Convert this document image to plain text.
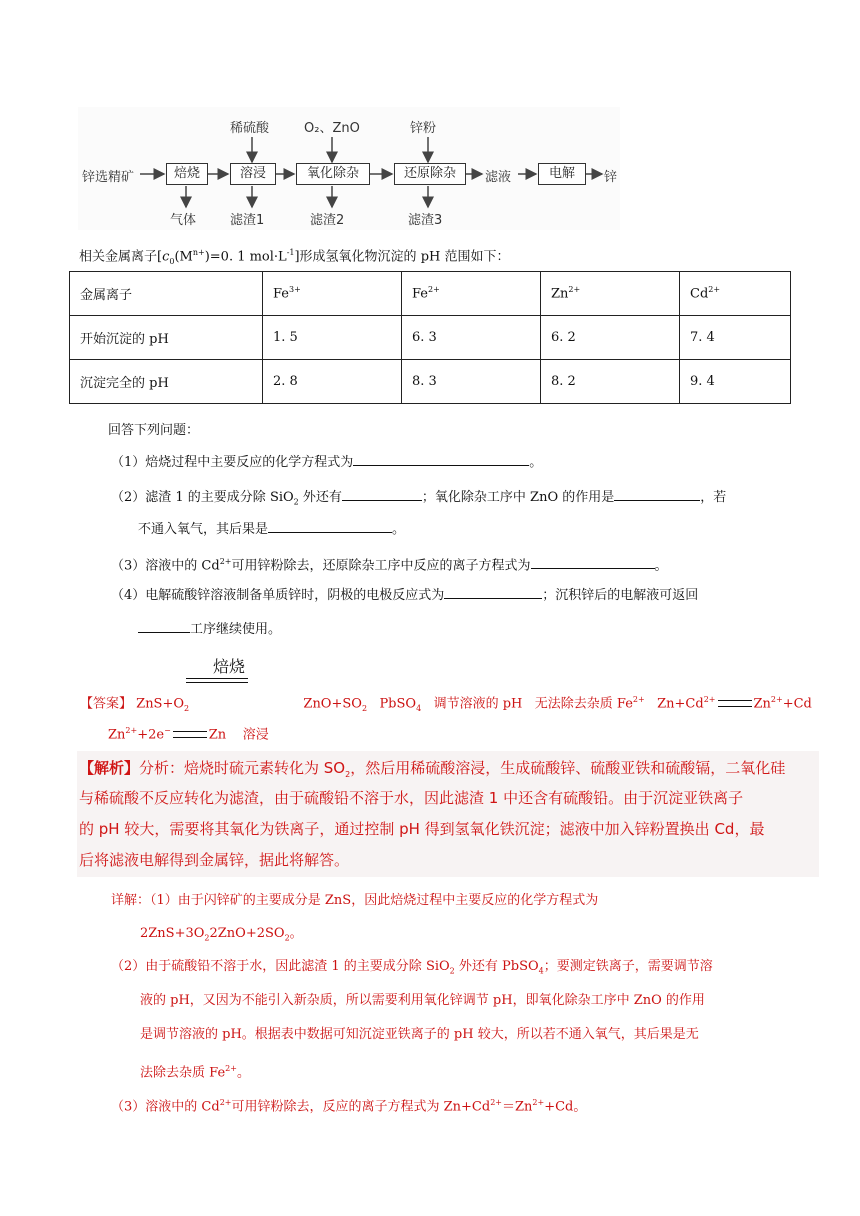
锌选精矿	焙烧	溶浸	氧化除杂	还原除杂	滤液	电解	锌
稀硫酸	O₂、ZnO	锌粉
气体	滤渣1	滤渣2	滤渣3
相关金属离子[$c_0(M^{n+})=0$. 1 $mol\cdot L^{-1}$]形成氢氧化物沉淀的 pH 范围如下：
金属离子	$Fe^{3+}$	$Fe^{2+}$	$Zn^{2+}$	$Cd^{2+}$
开始沉淀的 pH	1. 5	6. 3	6. 2	7. 4
沉淀完全的 pH	2. 8	8. 3	8. 2	9. 4
回答下列问题：
（1）焙烧过程中主要反应的化学方程式为	。
（2）滤渣 1 的主要成分除 SiO$_2$ 外还有	；氧化除杂工序中 ZnO 的作用是	，若
不通入氧气，其后果是	。
（3）溶液中的 $Cd^{2+}$可用锌粉除去，还原除杂工序中反应的离子方程式为	。
（4）电解硫酸锌溶液制备单质锌时，阴极的电极反应式为	；沉积锌后的电解液可返回
工序继续使用。
焙烧
【答案】 $ZnS+O_2$	$ZnO+SO_2$ PbSO$_4$ 调节溶液的 pH 无法除去杂质 $Fe^{2+}$ $Zn+Cd^{2+}$	$Zn^{2+}+Cd$
$Zn^{2+}+2e^-$	Zn 溶浸
【解析】分析：焙烧时硫元素转化为 $SO_2$，然后用稀硫酸溶浸，生成硫酸锌、硫酸亚铁和硫酸镉，二氧化硅
与稀硫酸不反应转化为滤渣，由于硫酸铅不溶于水，因此滤渣 1 中还含有硫酸铅。由于沉淀亚铁离子
的 pH 较大，需要将其氧化为铁离子，通过控制 pH 得到氢氧化铁沉淀；滤液中加入锌粉置换出 Cd，最
后将滤液电解得到金属锌，据此将解答。
详解：（1）由于闪锌矿的主要成分是 ZnS，因此焙烧过程中主要反应的化学方程式为
$2ZnS+3O_22ZnO+2SO_2$。
（2）由于硫酸铅不溶于水，因此滤渣 1 的主要成分除 SiO$_2$ 外还有 PbSO$_4$；要测定铁离子，需要调节溶
液的 pH，又因为不能引入新杂质，所以需要利用氧化锌调节 pH，即氧化除杂工序中 ZnO 的作用
是调节溶液的 pH。根据表中数据可知沉淀亚铁离子的 pH 较大，所以若不通入氧气，其后果是无
法除去杂质 $Fe^{2+}$。
（3）溶液中的 $Cd^{2+}$可用锌粉除去，反应的离子方程式为 $Zn+Cd^{2+}=Zn^{2+}+Cd$。
